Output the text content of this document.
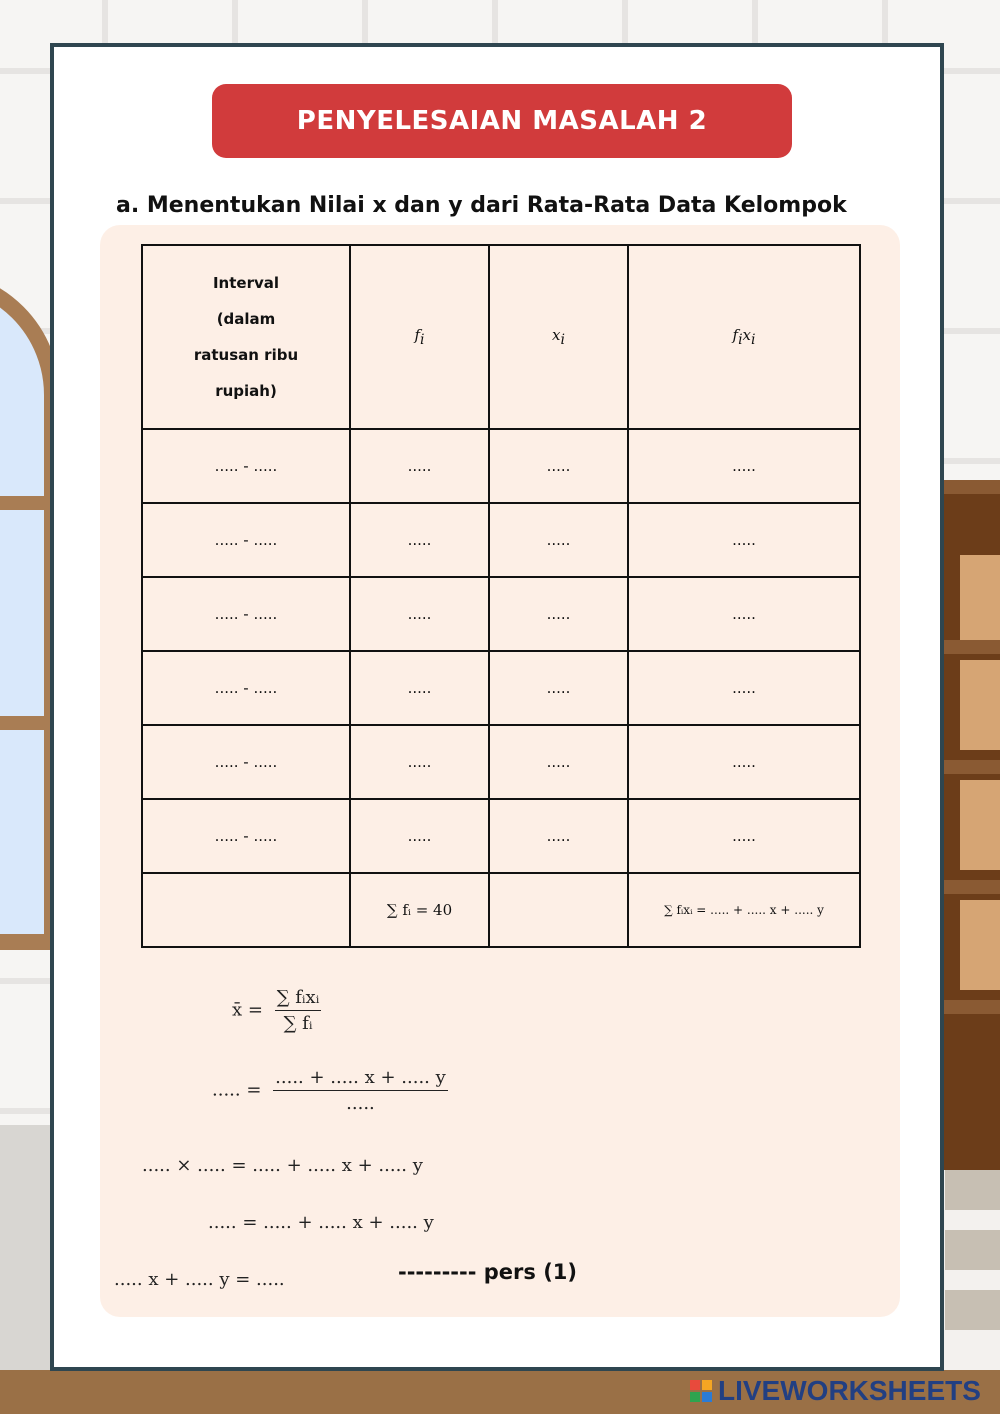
PENYELESAIAN MASALAH 2
a. Menentukan Nilai x dan y dari Rata-Rata Data Kelompok
Interval
(dalam
ratusan ribu
rupiah)	$f_i$	$x_i$	$f_ix_i$
..... - .....	.....	.....	.....
..... - .....	.....	.....	.....
..... - .....	.....	.....	.....
..... - .....	.....	.....	.....
..... - .....	.....	.....	.....
..... - .....	.....	.....	.....
	∑ fᵢ = 40		∑ fᵢxᵢ = ..... + ..... x + ..... y
x̄ = $\frac{\text{∑ fᵢxᵢ}}{\text{∑ fᵢ}}$
..... = $\frac{..... + ..... x + ..... y}{.....}$
..... × ..... = ..... + ..... x + ..... y
..... = ..... + ..... x + ..... y
..... x + ..... y = .....	--------- pers (1)
LIVEWORKSHEETS
